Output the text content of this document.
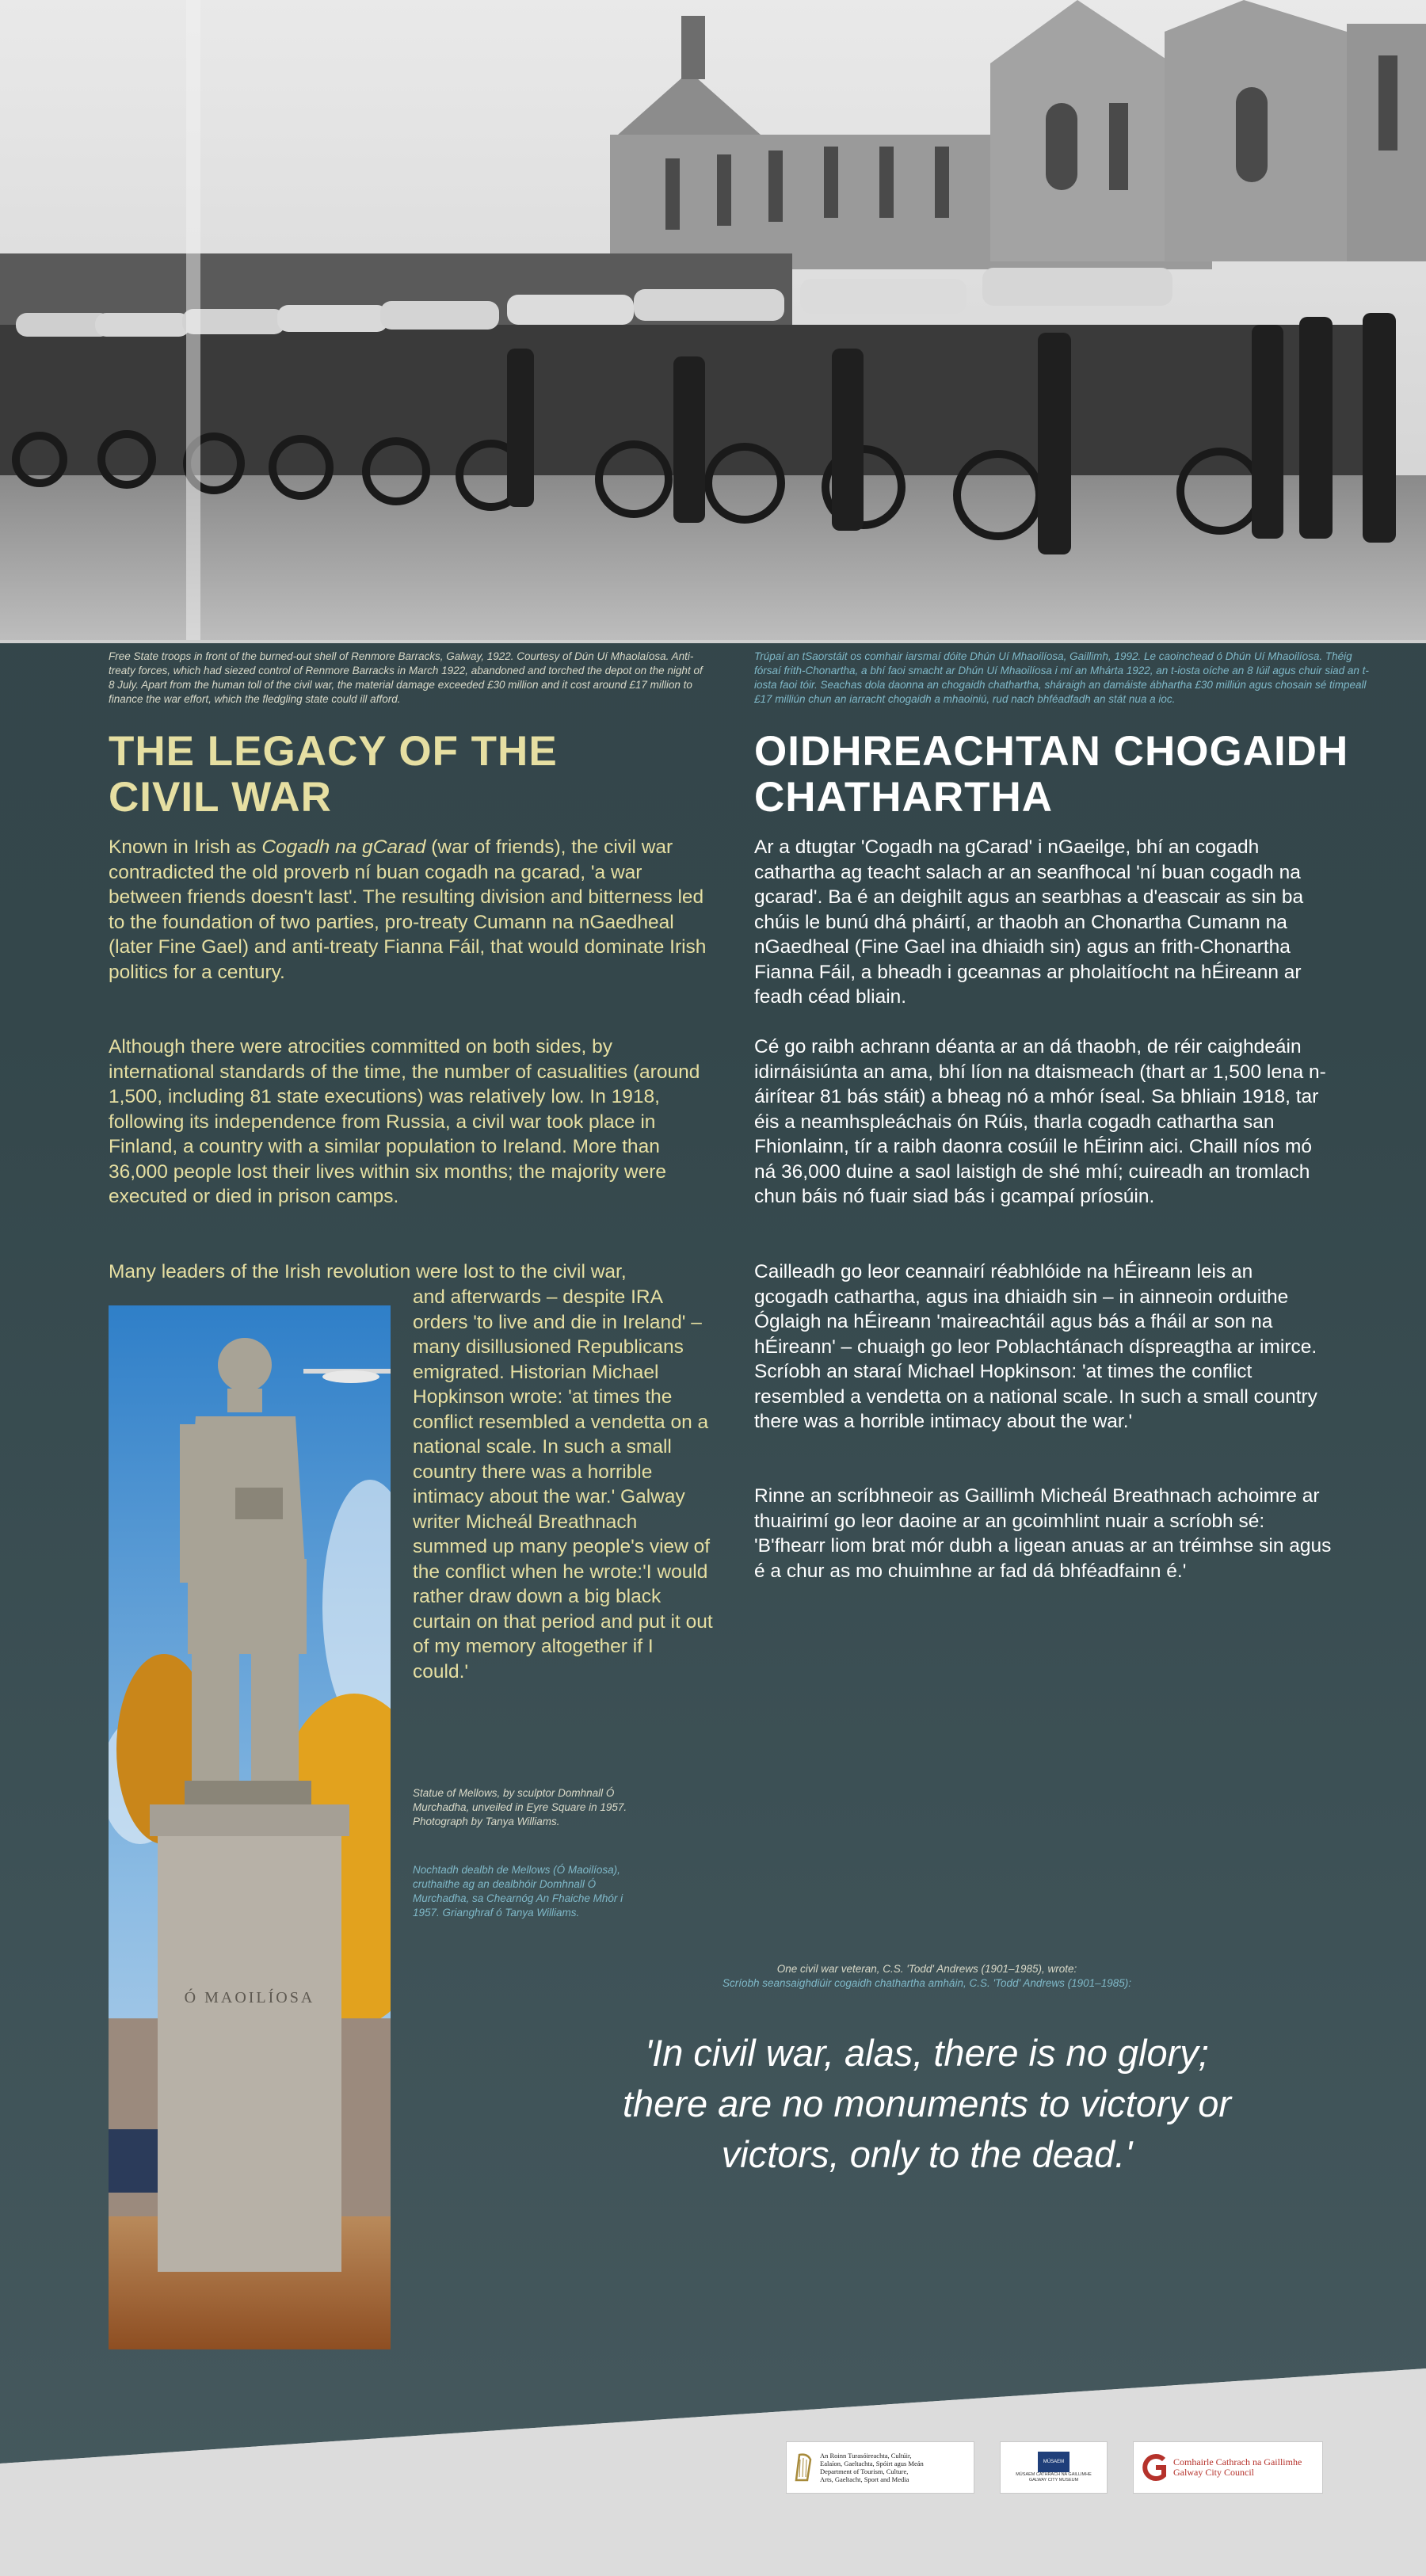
Free State troops in front of the burned-out shell of Renmore Barracks, Galway, 1922. Courtesy of Dún Uí Mhaolaíosa. Anti-treaty forces, which had siezed control of Renmore Barracks in March 1922, abandoned and torched the depot on the night of 8 July. Apart from the human toll of the civil war, the material damage exceeded £30 million and it cost around £17 million to finance the war effort, which the fledgling state could ill afford.
Trúpaí an tSaorstáit os comhair iarsmaí dóite Dhún Uí Mhaoilíosa, Gaillimh, 1992. Le caoinchead ó Dhún Uí Mhaoilíosa. Théig fórsaí frith-Chonartha, a bhí faoi smacht ar Dhún Uí Mhaoilíosa i mí an Mhárta 1922, an t-iosta oíche an 8 Iúil agus chuir siad an t-iosta faoi tóir. Seachas dola daonna an chogaidh chathartha, sháraigh an damáiste ábhartha £30 milliún agus chosain sé timpeall £17 milliún chun an iarracht chogaidh a mhaoiniú, rud nach bhféadfadh an stát nua a ioc.
THE LEGACY OF THE
CIVIL WAR
OIDHREACHTAN CHOGAIDH
CHATHARTHA

Known in Irish as Cogadh na gCarad (war of friends), the civil war contradicted the old proverb ní buan cogadh na gcarad, 'a war between friends doesn't last'. The resulting division and bitterness led to the foundation of two parties, pro-treaty Cumann na nGaedheal (later Fine Gael) and anti-treaty Fianna Fáil, that would dominate Irish politics for a century.

Although there were atrocities committed on both sides, by international standards of the time, the number of casualities (around 1,500, including 81 state executions) was relatively low. In 1918, following its independence from Russia, a civil war took place in Finland, a country with a similar population to Ireland. More than 36,000 people lost their lives within six months; the majority were executed or died in prison camps.

Many leaders of the Irish revolution were lost to the civil war,

Ó MAOILÍOSA

and afterwards – despite IRA orders 'to live and die in Ireland' – many disillusioned Republicans emigrated. Historian Michael Hopkinson wrote: 'at times the conflict resembled a vendetta on a national scale. In such a small country there was a horrible intimacy about the war.' Galway writer Micheál Breathnach summed up many people's view of the conflict when he wrote:'I would rather draw down a big black curtain on that period and put it out of my memory altogether if I could.'

Statue of Mellows, by sculptor Domhnall Ó Murchadha, unveiled in Eyre Square in 1957. Photograph by Tanya Williams.
Nochtadh dealbh de Mellows (Ó Maoilíosa), cruthaithe ag an dealbhóir Domhnall Ó Murchadha, sa Chearnóg An Fhaiche Mhór i 1957. Grianghraf ó Tanya Williams.

Ar a dtugtar 'Cogadh na gCarad' i nGaeilge, bhí an cogadh cathartha ag teacht salach ar an seanfhocal 'ní buan cogadh na gcarad'. Ba é an deighilt agus an searbhas a d'eascair as sin ba chúis le bunú dhá pháirtí, ar thaobh an Chonartha Cumann na nGaedheal (Fine Gael ina dhiaidh sin) agus an frith-Chonartha Fianna Fáil, a bheadh i gceannas ar pholaitíocht na hÉireann ar feadh céad bliain.

Cé go raibh achrann déanta ar an dá thaobh, de réir caighdeáin idirnáisiúnta an ama, bhí líon na dtaismeach (thart ar 1,500 lena n-áirítear 81 bás stáit) a bheag nó a mhór íseal. Sa bhliain 1918, tar éis a neamhspleáchais ón Rúis, tharla cogadh cathartha san Fhionlainn, tír a raibh daonra cosúil le hÉirinn aici. Chaill níos mó ná 36,000 duine a saol laistigh de shé mhí; cuireadh an tromlach chun báis nó fuair siad bás i gcampaí príosúin.

Cailleadh go leor ceannairí réabhlóide na hÉireann leis an gcogadh cathartha, agus ina dhiaidh sin – in ainneoin orduithe Óglaigh na hÉireann 'maireachtáil agus bás a fháil ar son na hÉireann' – chuaigh go leor Poblachtánach díspreagtha ar imirce. Scríobh an staraí Michael Hopkinson: 'at times the conflict resembled a vendetta on a national scale. In such a small country there was a horrible intimacy about the war.'

Rinne an scríbhneoir as Gaillimh Micheál Breathnach achoimre ar thuairimí go leor daoine ar an gcoimhlint nuair a scríobh sé: 'B'fhearr liom brat mór dubh a ligean anuas ar an tréimhse sin agus é a chur as mo chuimhne ar fad dá bhféadfainn é.'

One civil war veteran, C.S. 'Todd' Andrews (1901–1985), wrote:
Scríobh seansaighdiúir cogaidh chathartha amháin, C.S. 'Todd' Andrews (1901–1985):
'In civil war, alas, there is no glory;
there are no monuments to victory or
victors, only to the dead.'
An Roinn Turasóireachta, Cultúir,
Ealaíon, Gaeltachta, Spóirt agus Meán
Department of Tourism, Culture,
Arts, Gaeltacht, Sport and Media
MÚSAEM
MÚSAEM CATHRACH NA GAILLIMHE
GALWAY CITY MUSEUM
Comhairle Cathrach na Gaillimhe
Galway City Council
